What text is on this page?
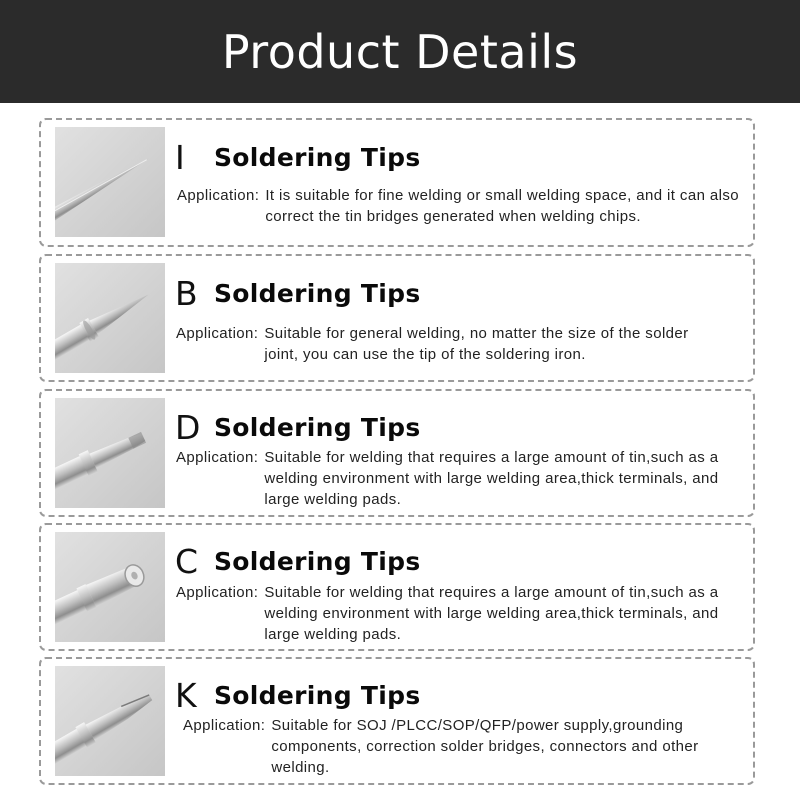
Product Details
I Soldering Tips
Application: It is suitable for fine welding or small welding space, and it can also correct the tin bridges generated when welding chips.
B Soldering Tips
Application: Suitable for general welding, no matter the size of the solder joint, you can use the tip of the soldering iron.
D Soldering Tips
Application: Suitable for welding that requires a large amount of tin,such as a welding environment with large welding area,thick terminals, and large welding pads.
C Soldering Tips
Application: Suitable for welding that requires a large amount of tin,such as a welding environment with large welding area,thick terminals, and large welding pads.
K Soldering Tips
Application: Suitable for SOJ /PLCC/SOP/QFP/power supply,grounding components, correction solder bridges, connectors and other welding.
